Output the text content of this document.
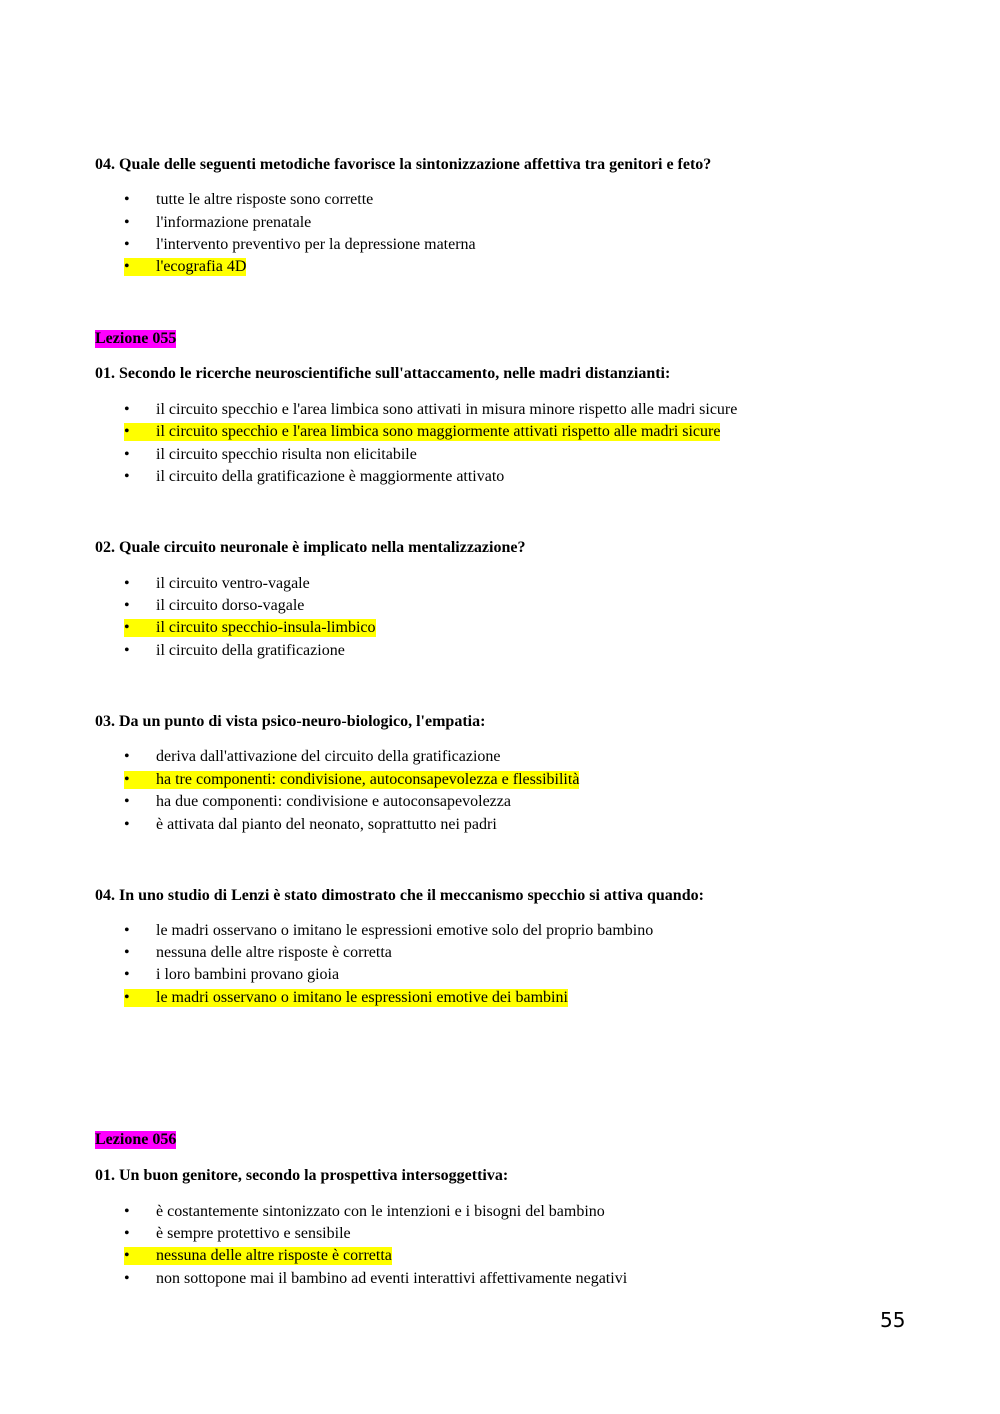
04. Quale delle seguenti metodiche favorisce la sintonizzazione affettiva tra genitori e feto?
• tutte le altre risposte sono corrette
• l'informazione prenatale
• l'intervento preventivo per la depressione materna
• l'ecografia 4D
Lezione 055
01. Secondo le ricerche neuroscientifiche sull'attaccamento, nelle madri distanzianti:
• il circuito specchio e l'area limbica sono attivati in misura minore rispetto alle madri sicure
• il circuito specchio e l'area limbica sono maggiormente attivati rispetto alle madri sicure
• il circuito specchio risulta non elicitabile
• il circuito della gratificazione è maggiormente attivato
02. Quale circuito neuronale è implicato nella mentalizzazione?
• il circuito ventro-vagale
• il circuito dorso-vagale
• il circuito specchio-insula-limbico
• il circuito della gratificazione
03. Da un punto di vista psico-neuro-biologico, l'empatia:
• deriva dall'attivazione del circuito della gratificazione
• ha tre componenti: condivisione, autoconsapevolezza e flessibilità
• ha due componenti: condivisione e autoconsapevolezza
• è attivata dal pianto del neonato, soprattutto nei padri
04. In uno studio di Lenzi è stato dimostrato che il meccanismo specchio si attiva quando:
• le madri osservano o imitano le espressioni emotive solo del proprio bambino
• nessuna delle altre risposte è corretta
• i loro bambini provano gioia
• le madri osservano o imitano le espressioni emotive dei bambini
Lezione 056
01. Un buon genitore, secondo la prospettiva intersoggettiva:
• è costantemente sintonizzato con le intenzioni e i bisogni del bambino
• è sempre protettivo e sensibile
• nessuna delle altre risposte è corretta
• non sottopone mai il bambino ad eventi interattivi affettivamente negativi
55
